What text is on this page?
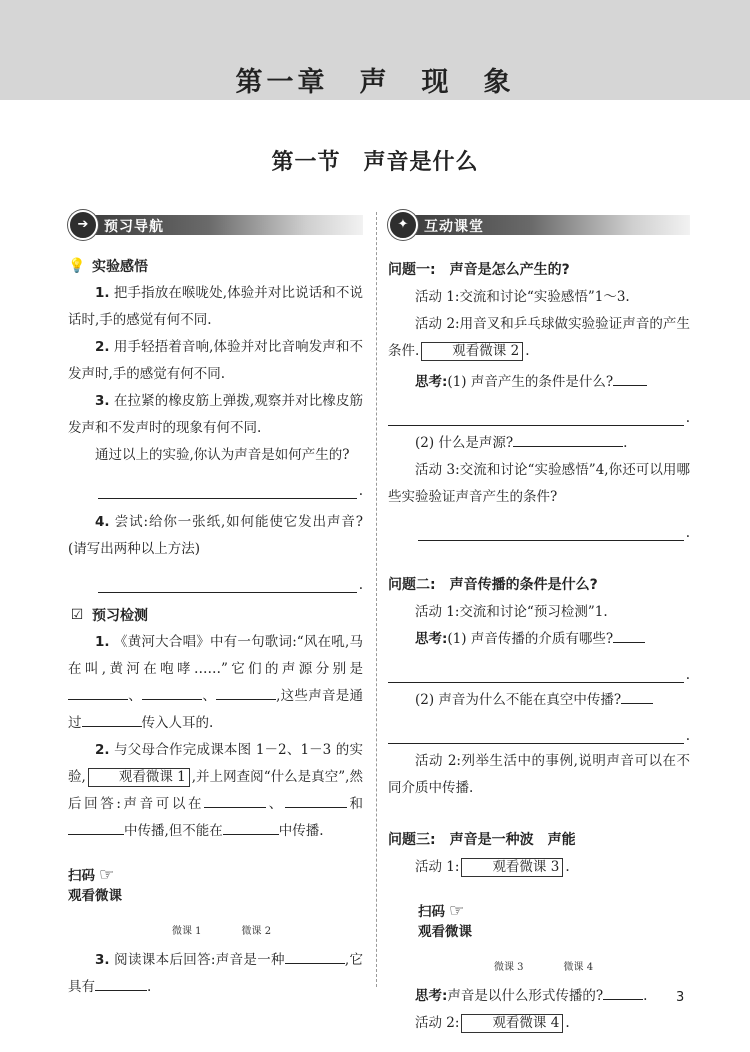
第一章　声　现　象
第一节　声音是什么
➔	预习导航
💡 实验感悟
1. 把手指放在喉咙处,体验并对比说话和不说话时,手的感觉有何不同.
2. 用手轻捂着音响,体验并对比音响发声和不发声时,手的感觉有何不同.
3. 在拉紧的橡皮筋上弹拨,观察并对比橡皮筋发声和不发声时的现象有何不同.
通过以上的实验,你认为声音是如何产生的?
.
4. 尝试:给你一张纸,如何能使它发出声音?(请写出两种以上方法)
.
☑ 预习检测
1. 《黄河大合唱》中有一句歌词:“风在吼,马在叫,黄河在咆哮……”它们的声源分别是、	、	,这些声音是通过	传入人耳的.
2. 与父母合作完成课本图 1－2、1－3 的实验, 观看微课 1 ,并上网查阅“什么是真空”,然后回答:声音可以在	、	和中传播,但不能在	中传播.
扫码 ☞
观看微课
微课 1	微课 2
3. 阅读课本后回答:声音是一种	,它具有	.
✦	互动课堂
问题一:　声音是怎么产生的?
活动 1:交流和讨论“实验感悟”1～3.
活动 2:用音叉和乒乓球做实验验证声音的产生条件. 观看微课 2 .
思考:(1) 声音产生的条件是什么?
.
(2) 什么是声源?	.
活动 3:交流和讨论“实验感悟”4,你还可以用哪些实验验证声音产生的条件?
.
问题二:　声音传播的条件是什么?
活动 1:交流和讨论“预习检测”1.
思考:(1) 声音传播的介质有哪些?
.
(2) 声音为什么不能在真空中传播?
.
活动 2:列举生活中的事例,说明声音可以在不同介质中传播.
问题三:　声音是一种波　声能
活动 1: 观看微课 3 .
扫码 ☞
观看微课
微课 3	微课 4
思考:声音是以什么形式传播的?	.
活动 2: 观看微课 4 .
3
